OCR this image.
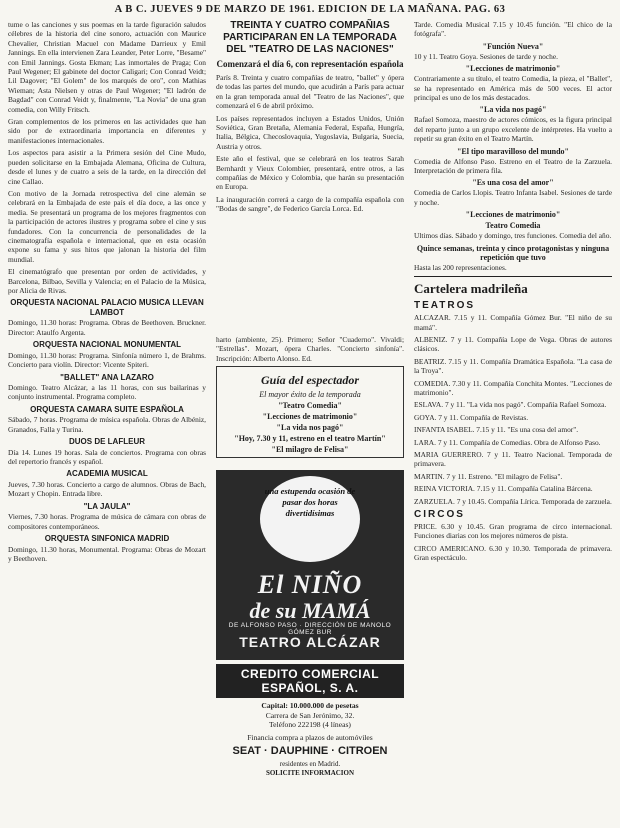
A B C. JUEVES 9 DE MARZO DE 1961. EDICION DE LA MAÑANA. PAG. 63

tume o las canciones y sus poemas en la tarde figuración saludos célebres de la historia del cine sonoro, actuación con Maurice Chevalier, Christian Macuel con Madame Darrieux y Emil Jannings. En ella intervienen Zara Leander, Peter Lorre, "Besame" con Emil Jannings. Gosta Ekman; Las inmortales de Praga; Con Paul Wegener; El gabinete del doctor Caligari; Con Conrad Veidt; Lil Dagover; "El Golem" de los marqués de oro", con Mathias Wieman; Asta Nielsen y otras de Paul Wegener; "El ladrón de Bagdad" con Conrad Veidt y, finalmente, "La Novia" de una gran comedia, con Willy Fritsch.

Gran complementos de los primeros en las actividades que han sido por de extraordinaria importancia en diferentes y manifestaciones internacionales.

Los aspectos para asistir a la Primera sesión del Cine Mudo, pueden solicitarse en la Embajada Alemana, Oficina de Cultura, desde el lunes y de cuatro a seis de la tarde, en la dirección del cine Callao.

Con motivo de la Jornada retrospectiva del cine alemán se celebrará en la Embajada de este país el día doce, a las once y media. Se presentará un programa de los mejores fragmentos con la participación de actores ilustres y programa sobre el cine y sus fundadores. Con la concurrencia de personalidades de la cinematografía española e internacional, que en esta ocasión expone su fama y sus hitos que jalonan la historia del film mundial.

El cinematógrafo que presentan por orden de actividades, y Barcelona, Bilbao, Sevilla y Valencia; en el Palacio de la Música, por Alicia de Rivas.

ORQUESTA NACIONAL PALACIO MUSICA LLEVAN LAMBOT

Domingo, 11.30 horas: Programa. Obras de Beethoven. Bruckner. Director: Ataulfo Argenta.

ORQUESTA NACIONAL MONUMENTAL

Domingo, 11.30 horas: Programa. Sinfonía número 1, de Brahms. Concierto para violín. Director: Vicente Spiteri.

"BALLET" ANA LAZARO

Domingo. Teatro Alcázar, a las 11 horas, con sus bailarinas y conjunto instrumental. Programa completo.

ORQUESTA CAMARA SUITE ESPAÑOLA

Sábado, 7 horas. Programa de música española. Obras de Albéniz, Granados, Falla y Turina.

DUOS DE LAFLEUR

Día 14. Lunes 19 horas. Sala de conciertos. Programa con obras del repertorio francés y español.

ACADEMIA MUSICAL

Jueves, 7.30 horas. Concierto a cargo de alumnos. Obras de Bach, Mozart y Chopin. Entrada libre.

"LA JAULA"

Viernes, 7.30 horas. Programa de música de cámara con obras de compositores contemporáneos.

ORQUESTA SINFONICA MADRID

Domingo, 11.30 horas, Monumental. Programa: Obras de Mozart y Beethoven.

TREINTA Y CUATRO COMPAÑIAS PARTICIPARAN EN LA TEMPORADA DEL "TEATRO DE LAS NACIONES"
Comenzará el día 6, con representación española

París 8. Treinta y cuatro compañías de teatro, "ballet" y ópera de todas las partes del mundo, que acudirán a París para actuar en la gran temporada anual del "Teatro de las Naciones", que comenzará el 6 de abril próximo.

Los países representados incluyen a Estados Unidos, Unión Soviética, Gran Bretaña, Alemania Federal, España, Hungría, Italia, Bélgica, Checoslovaquia, Yugoslavia, Bulgaria, Suecia, Austria y otros.

Este año el festival, que se celebrará en los teatros Sarah Bernhardt y Vieux Colombier, presentará, entre otros, a las compañías de México y Colombia, que harán su presentación en Europa.

La inauguración correrá a cargo de la compañía española con "Bodas de sangre", de Federico García Lorca. Ed.

harto (ambiente, 25). Primero; Señor "Cuaderno". Vivaldi; "Estrellas". Mozart, ópera Charles. "Concierto sinfonía". Inscripción: Alberto Alonso. Ed.

Guía del espectador
El mayor éxito de la temporada
"Teatro Comedia"
"Lecciones de matrimonio"
"La vida nos pagó"
"Hoy, 7.30 y 11, estreno en el teatro Martín"
"El milagro de Felisa"
una estupenda ocasión de pasar dos horas divertidísimas
El NIÑO
de su MAMÁ
DE ALFONSO PASO · DIRECCIÓN DE MANOLO GÓMEZ BUR
TEATRO ALCÁZAR
CREDITO COMERCIAL ESPAÑOL, S. A.
Capital: 10.000.000 de pesetas
Carrera de San Jerónimo, 32.
Teléfono 222198 (4 líneas)
Financia compra a plazos de automóviles
SEAT · DAUPHINE · CITROEN
residentes en Madrid.
SOLICITE INFORMACION

Tarde. Comedia Musical 7.15 y 10.45 función. "El chico de la fotógrafa".

"Función Nueva"

10 y 11. Teatro Goya. Sesiones de tarde y noche.

"Lecciones de matrimonio"

Contrariamente a su título, el teatro Comedia, la pieza, el "Ballet", se ha representado en América más de 500 veces. El actor principal es uno de los más destacados.

"La vida nos pagó"

Rafael Somoza, maestro de actores cómicos, es la figura principal del reparto junto a un grupo excelente de intérpretes. Ha vuelto a repetir su gran éxito en el Teatro Martín.

"El tipo maravilloso del mundo"

Comedia de Alfonso Paso. Estreno en el Teatro de la Zarzuela. Interpretación de primera fila.

"Es una cosa del amor"

Comedia de Carlos Llopis. Teatro Infanta Isabel. Sesiones de tarde y noche.

"Lecciones de matrimonio"
Teatro Comedia

Ultimos días. Sábado y domingo, tres funciones. Comedia del año.

Quince semanas, treinta y cinco protagonistas y ninguna repetición que tuvo

Hasta las 200 representaciones.

Cartelera madrileña
TEATROS

ALCAZAR. 7.15 y 11. Compañía Gómez Bur. "El niño de su mamá".

ALBENIZ. 7 y 11. Compañía Lope de Vega. Obras de autores clásicos.

BEATRIZ. 7.15 y 11. Compañía Dramática Española. "La casa de la Troya".

COMEDIA. 7.30 y 11. Compañía Conchita Montes. "Lecciones de matrimonio".

ESLAVA. 7 y 11. "La vida nos pagó". Compañía Rafael Somoza.

GOYA. 7 y 11. Compañía de Revistas.

INFANTA ISABEL. 7.15 y 11. "Es una cosa del amor".

LARA. 7 y 11. Compañía de Comedias. Obra de Alfonso Paso.

MARIA GUERRERO. 7 y 11. Teatro Nacional. Temporada de primavera.

MARTIN. 7 y 11. Estreno. "El milagro de Felisa".

REINA VICTORIA. 7.15 y 11. Compañía Catalina Bárcena.

ZARZUELA. 7 y 10.45. Compañía Lírica. Temporada de zarzuela.

CIRCOS

PRICE. 6.30 y 10.45. Gran programa de circo internacional. Funciones diarias con los mejores números de pista.

CIRCO AMERICANO. 6.30 y 10.30. Temporada de primavera. Gran espectáculo.
